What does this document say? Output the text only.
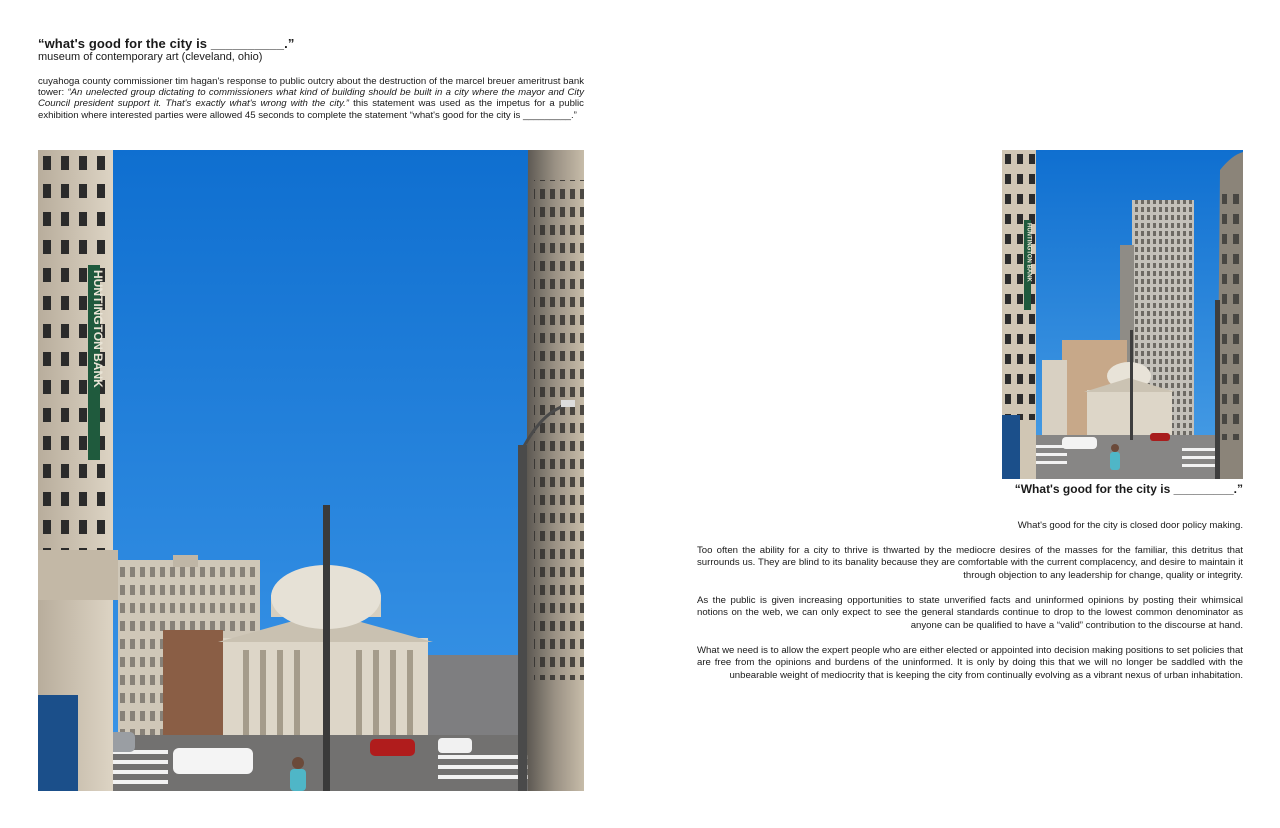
“what's good for the city is __________.”
museum of contemporary art (cleveland, ohio)

cuyahoga county commissioner tim hagan's response to public outcry about the destruction of the marcel breuer ameritrust bank tower: “An unelected group dictating to commissioners what kind of building should be built in a city where the mayor and City Council president support it. That's exactly what's wrong with the city.” this statement was used as the impetus for a public exhibition where interested parties were allowed 45 seconds to complete the statement “what's good for the city is _________.”

HUNTINGTON BANK
HUNTINGTON BANK
“What's good for the city is _________.”

What's good for the city is closed door policy making.

Too often the ability for a city to thrive is thwarted by the mediocre desires of the masses for the familiar, this detritus that surrounds us. They are blind to its banality because they are comfortable with the current complacency, and desire to maintain it through objection to any leadership for change, quality or integrity.

As the public is given increasing opportunities to state unverified facts and uninformed opinions by posting their whimsical notions on the web, we can only expect to see the general standards continue to drop to the lowest common denominator as anyone can be qualified to have a “valid” contribution to the discourse at hand.

What we need is to allow the expert people who are either elected or appointed into decision making positions to set policies that are free from the opinions and burdens of the uninformed. It is only by doing this that we will no longer be saddled with the unbearable weight of mediocrity that is keeping the city from continually evolving as a vibrant nexus of urban inhabitation.
